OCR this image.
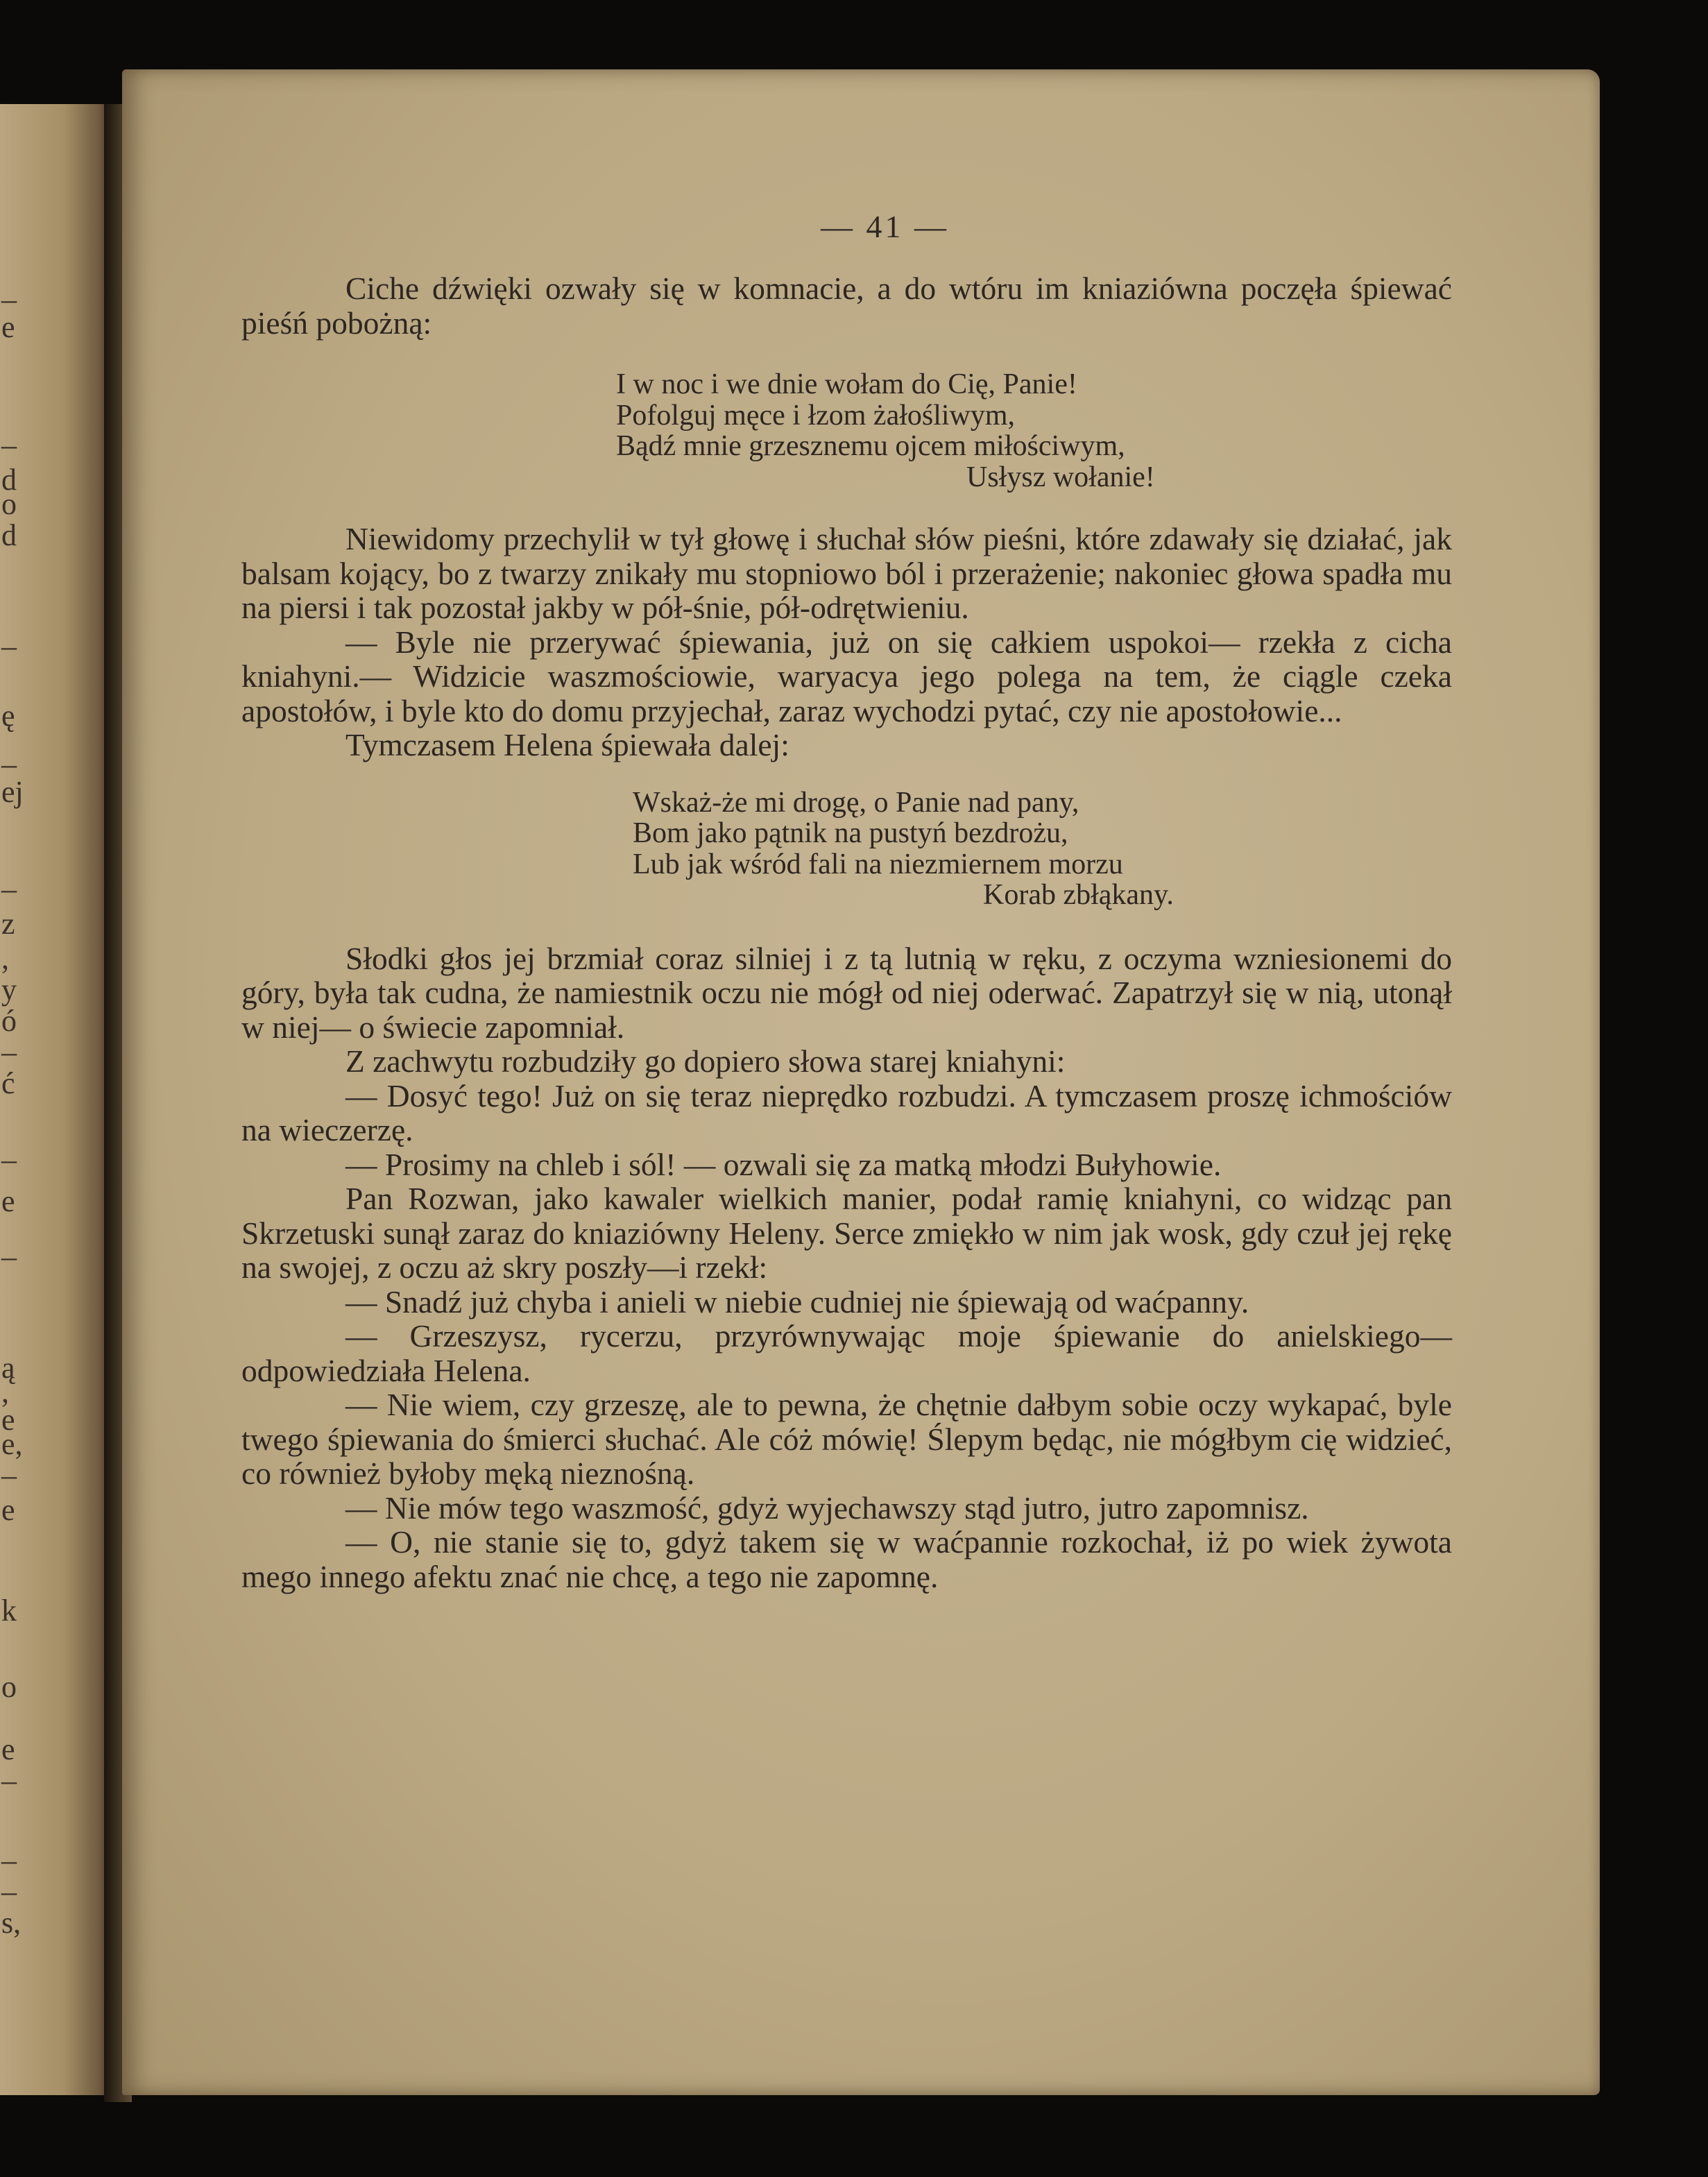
–
e
–
d
o
d
–
ę
–
ej
–
z
,
y
ó
–
ć
–
e
–
ą
,
e
e,
–
e
k
o
e
–
–
–
s,
— 41 —

Ciche dźwięki ozwały się w komnacie, a do wtóru im kniaziówna poczęła śpiewać pieśń pobożną:

I w noc i we dnie wołam do Cię, Panie!
Pofolguj męce i łzom żałośliwym,
Bądź mnie grzesznemu ojcem miłościwym,
Usłysz wołanie!

Niewidomy przechylił w tył głowę i słuchał słów pieśni, które zdawały się działać, jak balsam kojący, bo z twarzy znikały mu stopniowo ból i przerażenie; nakoniec głowa spadła mu na piersi i tak pozostał jakby w pół-śnie, pół-odrętwieniu.

— Byle nie przerywać śpiewania, już on się całkiem uspokoi— rzekła z cicha kniahyni.— Widzicie waszmościowie, waryacya jego polega na tem, że ciągle czeka apostołów, i byle kto do domu przyjechał, zaraz wychodzi pytać, czy nie apostołowie...

Tymczasem Helena śpiewała dalej:

Wskaż-że mi drogę, o Panie nad pany,
Bom jako pątnik na pustyń bezdrożu,
Lub jak wśród fali na niezmiernem morzu
Korab zbłąkany.

Słodki głos jej brzmiał coraz silniej i z tą lutnią w ręku, z oczyma wzniesionemi do góry, była tak cudna, że namiestnik oczu nie mógł od niej oderwać. Zapatrzył się w nią, utonął w niej— o świecie zapomniał.

Z zachwytu rozbudziły go dopiero słowa starej kniahyni:

— Dosyć tego! Już on się teraz nieprędko rozbudzi. A tymczasem proszę ichmościów na wieczerzę.

— Prosimy na chleb i sól! — ozwali się za matką młodzi Bułyhowie.

Pan Rozwan, jako kawaler wielkich manier, podał ramię kniahyni, co widząc pan Skrzetuski sunął zaraz do kniaziówny Heleny. Serce zmiękło w nim jak wosk, gdy czuł jej rękę na swojej, z oczu aż skry poszły—i rzekł:

— Snadź już chyba i anieli w niebie cudniej nie śpiewają od waćpanny.

— Grzeszysz, rycerzu, przyrównywając moje śpiewanie do anielskiego—odpowiedziała Helena.

— Nie wiem, czy grzeszę, ale to pewna, że chętnie dałbym sobie oczy wykapać, byle twego śpiewania do śmierci słuchać. Ale cóż mówię! Ślepym będąc, nie mógłbym cię widzieć, co również byłoby męką nieznośną.

— Nie mów tego waszmość, gdyż wyjechawszy stąd jutro, jutro zapomnisz.

— O, nie stanie się to, gdyż takem się w waćpannie rozkochał, iż po wiek żywota mego innego afektu znać nie chcę, a tego nie zapomnę.
